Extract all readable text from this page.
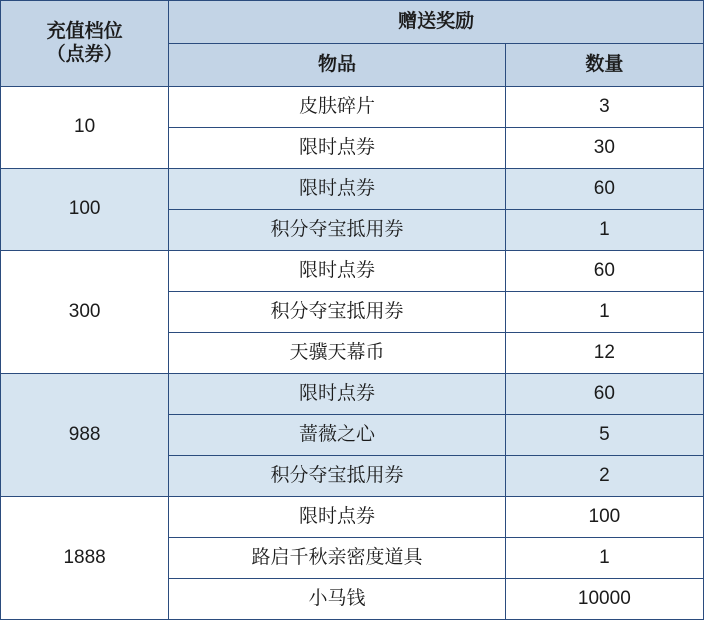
充值档位
（点券）	赠送奖励	
	物品	数量
10	皮肤碎片	3
	限时点券	30
100	限时点券	60
	积分夺宝抵用券	1
300	限时点券	60
	积分夺宝抵用券	1
	天骥天幕币	12
988	限时点券	60
	蔷薇之心	5
	积分夺宝抵用券	2
1888	限时点券	100
	路启千秋亲密度道具	1
	小马钱	10000
